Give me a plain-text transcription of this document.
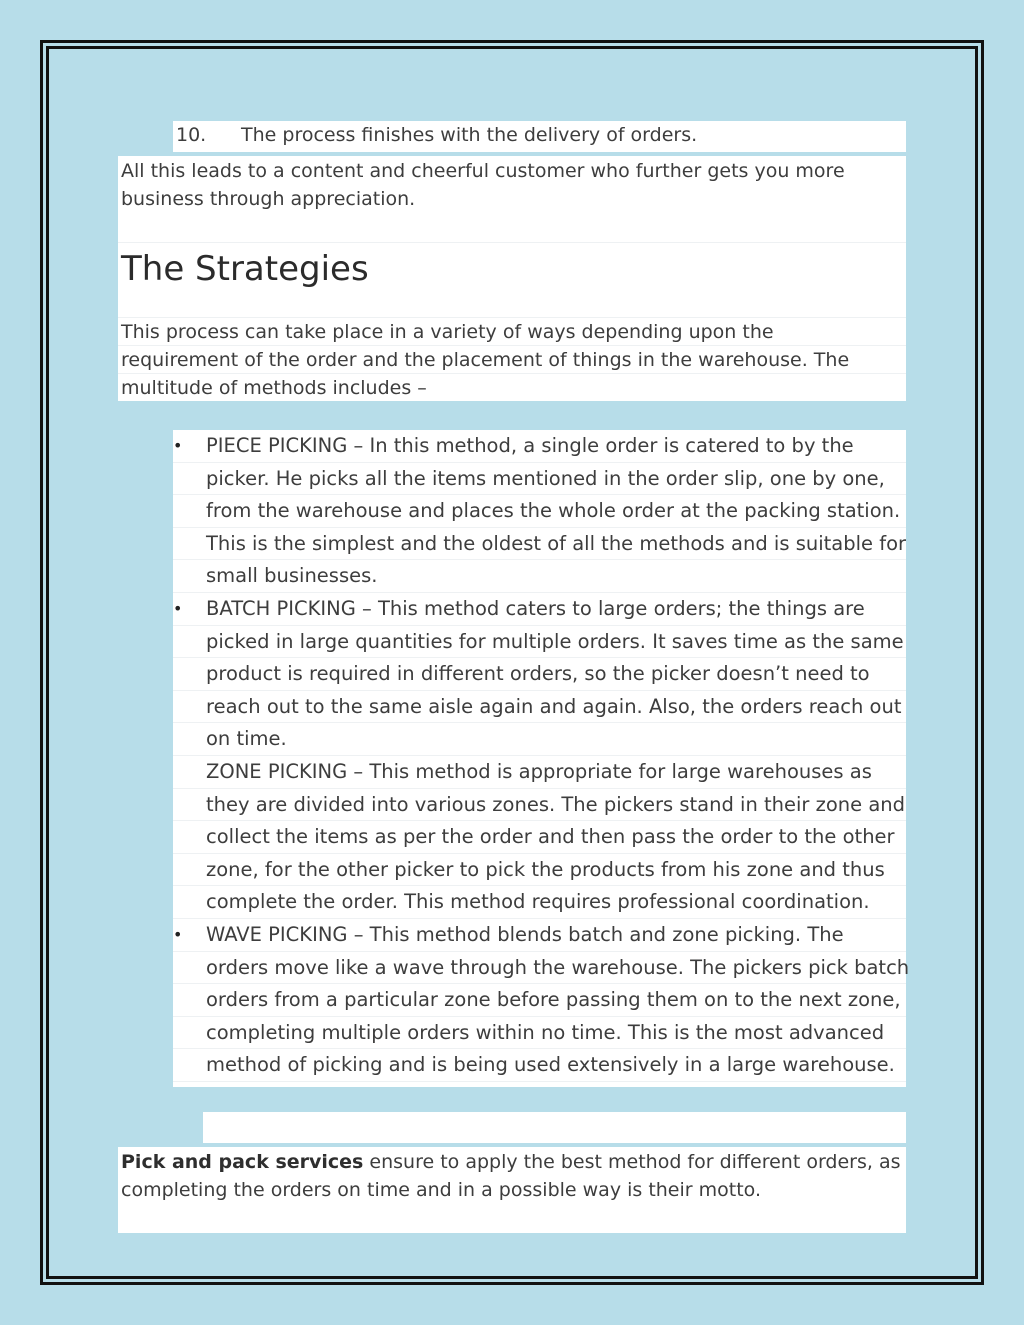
10. The process finishes with the delivery of orders.
All this leads to a content and cheerful customer who further gets you more
business through appreciation.
The Strategies
This process can take place in a variety of ways depending upon the
requirement of the order and the placement of things in the warehouse. The
multitude of methods includes –
• PIECE PICKING – In this method, a single order is catered to by the
picker. He picks all the items mentioned in the order slip, one by one,
from the warehouse and places the whole order at the packing station.
This is the simplest and the oldest of all the methods and is suitable for
small businesses.
• BATCH PICKING – This method caters to large orders; the things are
picked in large quantities for multiple orders. It saves time as the same
product is required in different orders, so the picker doesn’t need to
reach out to the same aisle again and again. Also, the orders reach out
on time.
ZONE PICKING – This method is appropriate for large warehouses as
they are divided into various zones. The pickers stand in their zone and
collect the items as per the order and then pass the order to the other
zone, for the other picker to pick the products from his zone and thus
complete the order. This method requires professional coordination.
• WAVE PICKING – This method blends batch and zone picking. The
orders move like a wave through the warehouse. The pickers pick batch
orders from a particular zone before passing them on to the next zone,
completing multiple orders within no time. This is the most advanced
method of picking and is being used extensively in a large warehouse.
Pick and pack services ensure to apply the best method for different orders, as
completing the orders on time and in a possible way is their motto.
